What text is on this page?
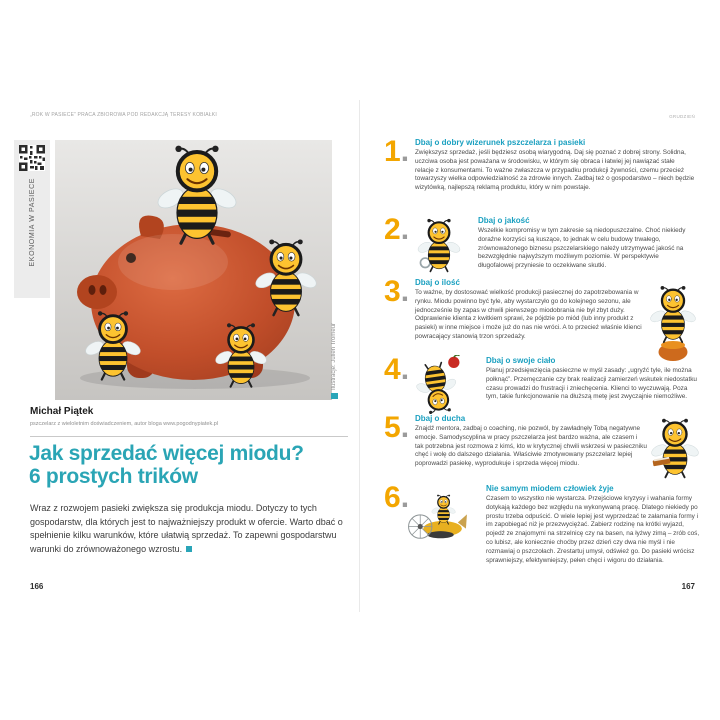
„ROK W PASIECE” PRACA ZBIOROWA POD REDAKCJĄ TERESY KOBIAŁKI
EKONOMIA W PASIECE
Ilustracje: Julien Tromeur
Michał Piątek
pszczelarz z wieloletnim doświadczeniem, autor bloga www.pogodnypiatek.pl
Jak sprzedać więcej miodu?
6 prostych trików

Wraz z rozwojem pasieki zwiększa się produkcja miodu. Dotyczy to tych gospodarstw, dla których jest to najważniejszy produkt w ofercie. Warto dbać o spełnienie kilku warunków, które ułatwią sprzedaż. To zapewni gospodarstwu warunki do zrównoważonego wzrostu.

166
GRUDZIEŃ
1. Dbaj o dobry wizerunek pszczelarza i pasieki

Zwiększysz sprzedaż, jeśli będziesz osobą wiarygodną. Daj się poznać z dobrej strony. Solidna, uczciwa osoba jest poważana w środowisku, w którym się obraca i łatwiej jej nawiązać stałe relacje z konsumentami. To ważne zwłaszcza w przypadku produkcji żywności, czemu przecież towarzyszy wielka odpowiedzialność za zdrowie innych. Zadbaj też o gospodarstwo – niech będzie wizytówką, najlepszą reklamą produktu, który w nim powstaje.

2.	Dbaj o jakość

Wszelkie kompromisy w tym zakresie są niedopuszczalne. Choć niekiedy doraźne korzyści są kuszące, to jednak w celu budowy trwałego, zrównoważonego biznesu pszczelarskiego należy utrzymywać jakość na bezwzględnie najwyższym możliwym poziomie. W perspektywie długofalowej przyniesie to oczekiwane skutki.

3. Dbaj o ilość

To ważne, by dostosować wielkość produkcji pasiecznej do zapotrzebowania w rynku. Miodu powinno być tyle, aby wystarczyło go do kolejnego sezonu, ale jednocześnie by zapas w chwili pierwszego miodobrania nie był zbyt duży. Odprawienie klienta z kwitkiem sprawi, że pójdzie po miód (lub inny produkt z pasieki) w inne miejsce i może już do nas nie wróci. A to przecież właśnie klienci powracający stanowią trzon sprzedaży.

4.	Dbaj o swoje ciało

Planuj przedsięwzięcia pasieczne w myśl zasady: „ugryźć tyle, ile można połknąć”. Przemęczanie czy brak realizacji zamierzeń wskutek niedostatku czasu prowadzi do frustracji i zniechęcenia. Klienci to wyczuwają. Poza tym, takie funkcjonowanie na dłuższą metę jest zwyczajnie niemożliwe.

5. Dbaj o ducha

Znajdź mentora, zadbaj o coaching, nie pozwól, by zawładnęły Tobą negatywne emocje. Samodyscyplina w pracy pszczelarza jest bardzo ważna, ale czasem i tak potrzebna jest rozmowa z kimś, kto w krytycznej chwili wskrzesi w pasieczniku chęć i wolę do dalszego działania. Właściwie zmotywowany pszczelarz lepiej poprowadzi pasiekę, wyprodukuje i sprzeda więcej miodu.

6.	Nie samym miodem człowiek żyje

Czasem to wszystko nie wystarcza. Przejściowe kryzysy i wahania formy dotykają każdego bez względu na wykonywaną pracę. Dlatego niekiedy po prostu trzeba odpuścić. O wiele lepiej jest wyprzedzać te załamania formy i im zapobiegać niż je przezwyciężać. Zabierz rodzinę na krótki wyjazd, pojedź ze znajomymi na strzelnicę czy na basen, na łyżwy zimą – zrób coś, co lubisz, ale koniecznie choćby przez dzień czy dwa nie myśl i nie rozmawiaj o pszczołach. Zrestartuj umysł, odśwież go. Do pasieki wrócisz sprawniejszy, efektywniejszy, pełen chęci i wigoru do działania.

167
